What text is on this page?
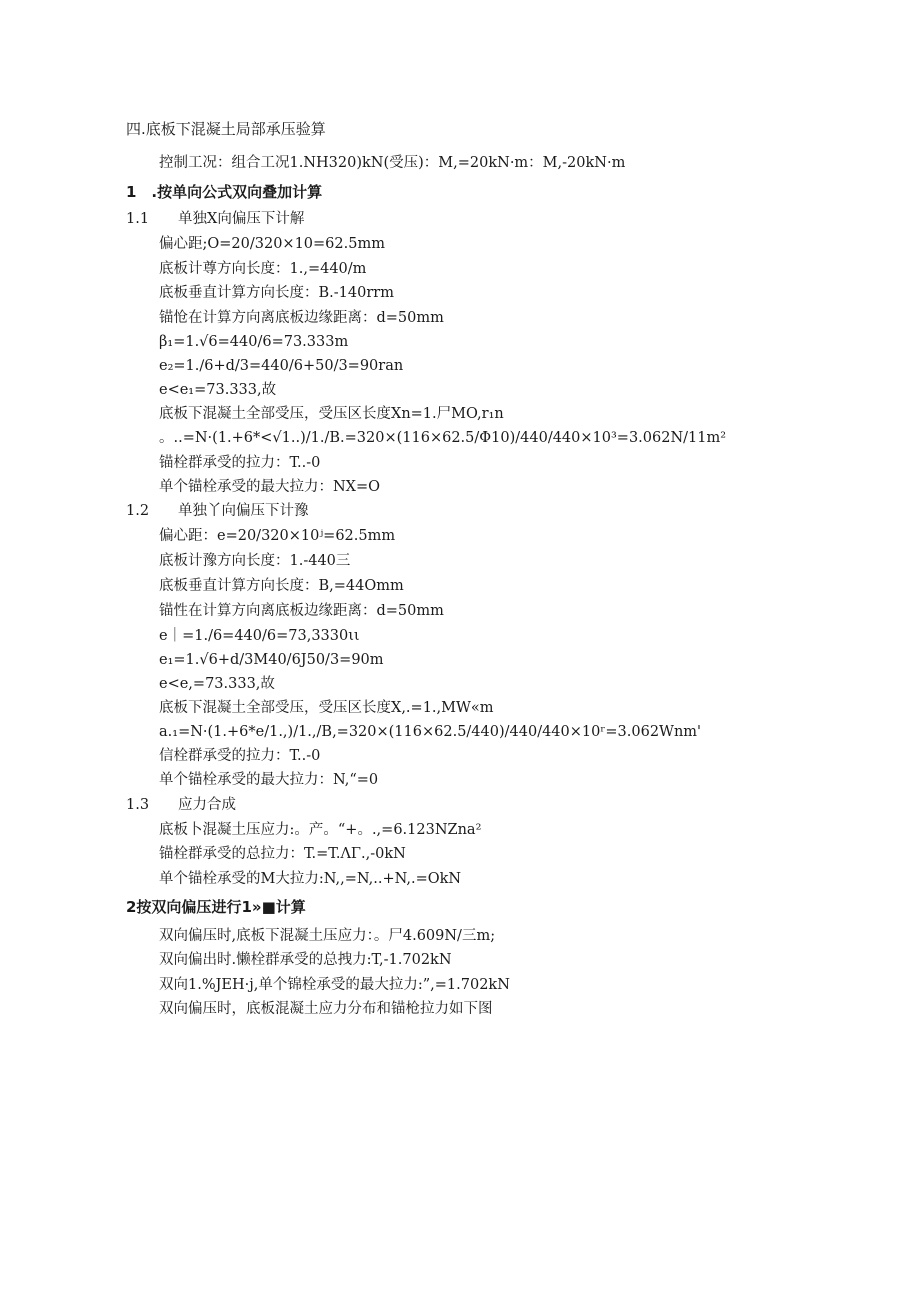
四.底板下混凝土局部承压验算
控制工况：组合工况1.NH320)kN(受压)：M,=20kN·m：M,-20kN·m
1　.按单向公式双向叠加计算
1.1　　单独X向偏压下计解
偏心距;O=20/320×10=62.5mm
底板计尊方向长度：1.,=440/m
底板垂直计算方向长度：B.-140rrm
锚怆在计算方向离底板边缘距离：d=50mm
β₁=1.√6=440/6=73.333m
e₂=1.∕6+d/3=440/6+50/3=90ran
e<e₁=73.333,故
底板下混凝土全部受压，受压区长度Xn=1.尸MO,r₁n
。..=N·(1.+6*<√1..)/1./B.=320×(116×62.5/Φ10)/440/440×10³=3.062N/11m²
锚栓群承受的拉力：T..-0
单个锚栓承受的最大拉力：NX=O
1.2　　单独丫向偏压下计豫
偏心距：e=20/320×10ʲ=62.5mm
底板计豫方向长度：1.-440三
底板垂直计算方向长度：B,=44Omm
锚性在计算方向离底板边缘距离：d=50mm
e｜=1./6=440/6=73,3330ιι
e₁=1.√6+d/3M40/6J50/3=90m
e<e,=73.333,故
底板下混凝土全部受压，受压区长度X,.=1.,MW«m
a.₁=N·(1.+6*e/1.,)/1.,/B,=320×(116×62.5/440)/440/440×10ʳ=3.062Wnm'
信栓群承受的拉力：T..-0
单个锚栓承受的最大拉力：N,“=0
1.3　　应力合成
底板卜混凝土压应力:。产。“+。.,=6.123NZna²
锚栓群承受的总拉力：T.=T.ΛΓ.,-0kN
单个锚栓承受的M大拉力:N,,=N,..+N,.=OkN
2按双向偏压进行1»■计算
双向偏压时,底板下混凝土压应力：。尸4.609N/三m;
双向偏出时.懒栓群承受的总拽力:T,-1.702kN
双向1.%JEH·j,单个锦栓承受的最大拉力:”,=1.702kN
双向偏压时，底板混凝土应力分布和锚枪拉力如下图
